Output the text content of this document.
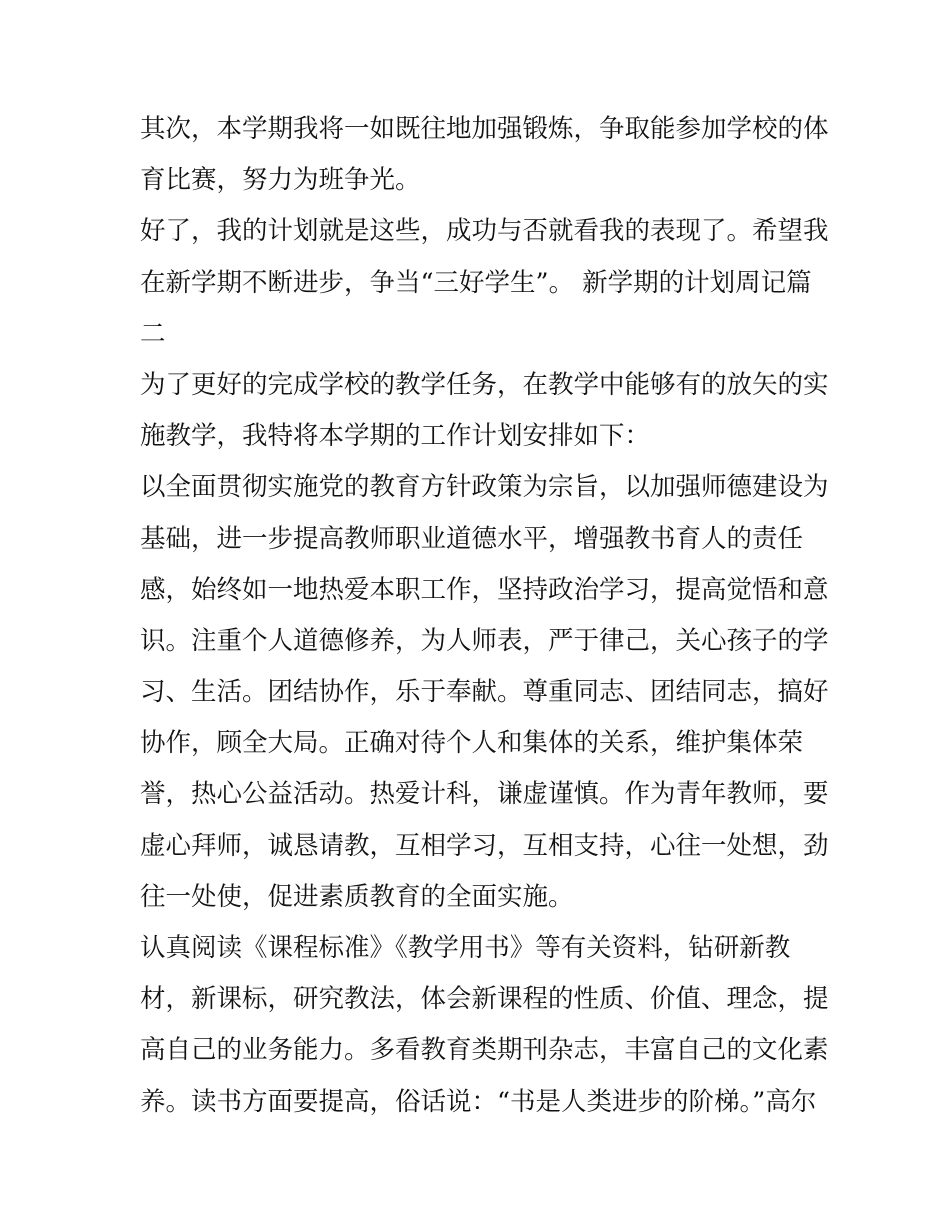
其次，本学期我将一如既往地加强锻炼，争取能参加学校的体
育比赛，努力为班争光。
好了，我的计划就是这些，成功与否就看我的表现了。希望我
在新学期不断进步，争当“三好学生”。 新学期的计划周记篇
二
为了更好的完成学校的教学任务，在教学中能够有的放矢的实
施教学，我特将本学期的工作计划安排如下：
以全面贯彻实施党的教育方针政策为宗旨，以加强师德建设为
基础，进一步提高教师职业道德水平，增强教书育人的责任
感，始终如一地热爱本职工作，坚持政治学习，提高觉悟和意
识。注重个人道德修养，为人师表，严于律己，关心孩子的学
习、生活。团结协作，乐于奉献。尊重同志、团结同志，搞好
协作，顾全大局。正确对待个人和集体的关系，维护集体荣
誉，热心公益活动。热爱计科，谦虚谨慎。作为青年教师，要
虚心拜师，诚恳请教，互相学习，互相支持，心往一处想，劲
往一处使，促进素质教育的全面实施。
认真阅读《课程标准》《教学用书》等有关资料，钻研新教
材，新课标，研究教法，体会新课程的性质、价值、理念，提
高自己的业务能力。多看教育类期刊杂志，丰富自己的文化素
养。读书方面要提高，俗话说：“书是人类进步的阶梯。”高尔
